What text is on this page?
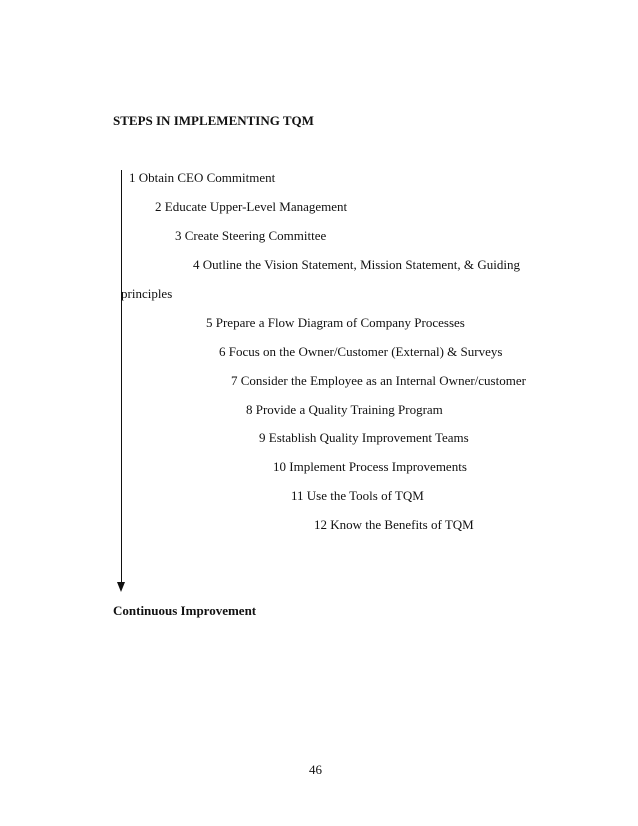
STEPS IN IMPLEMENTING TQM
1 Obtain CEO Commitment
2 Educate Upper-Level Management
3 Create Steering Committee
4 Outline the Vision Statement, Mission Statement, & Guiding
principles
5 Prepare a Flow Diagram of Company Processes
6 Focus on the Owner/Customer (External) & Surveys
7 Consider the Employee as an Internal Owner/customer
8 Provide a Quality Training Program
9 Establish Quality Improvement Teams
10 Implement Process Improvements
11 Use the Tools of TQM
12 Know the Benefits of TQM
Continuous Improvement
46
